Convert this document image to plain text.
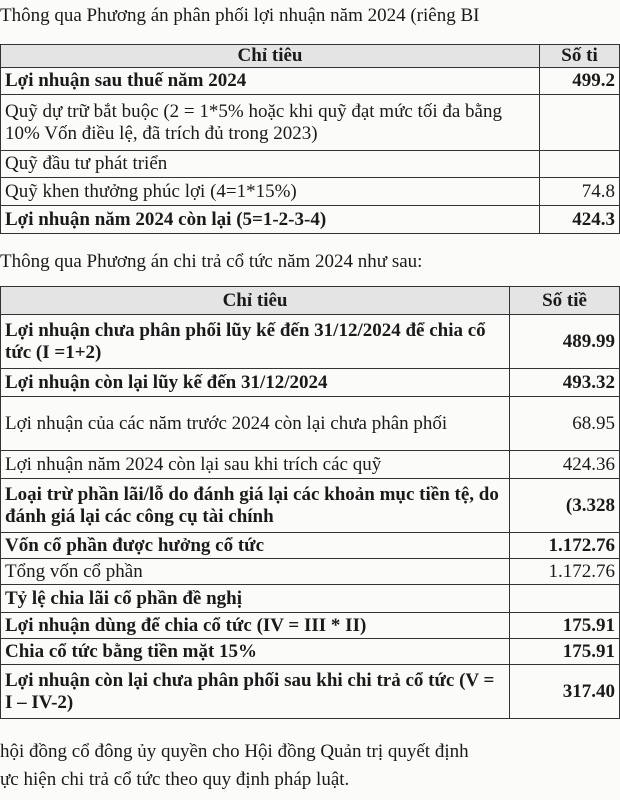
Thông qua Phương án phân phối lợi nhuận năm 2024 (riêng BI
Chỉ tiêu	Số ti
Lợi nhuận sau thuế năm 2024	499.2
Quỹ dự trữ bắt buộc (2 = 1*5% hoặc khi quỹ đạt mức tối đa bằng 10% Vốn điều lệ, đã trích đủ trong 2023)	
Quỹ đầu tư phát triển	
Quỹ khen thưởng phúc lợi (4=1*15%)	74.8
Lợi nhuận năm 2024 còn lại (5=1-2-3-4)	424.3
Thông qua Phương án chi trả cổ tức năm 2024 như sau:
Chỉ tiêu	Số tiề
Lợi nhuận chưa phân phối lũy kế đến 31/12/2024 để chia cổ tức (I =1+2)	489.99
Lợi nhuận còn lại lũy kế đến 31/12/2024	493.32
Lợi nhuận của các năm trước 2024 còn lại chưa phân phối	68.95
Lợi nhuận năm 2024 còn lại sau khi trích các quỹ	424.36
Loại trừ phần lãi/lỗ do đánh giá lại các khoản mục tiền tệ, do đánh giá lại các công cụ tài chính	(3.328
Vốn cổ phần được hưởng cổ tức	1.172.76
Tổng vốn cổ phần	1.172.76
Tỷ lệ chia lãi cổ phần đề nghị	
Lợi nhuận dùng để chia cổ tức (IV = III * II)	175.91
Chia cổ tức bằng tiền mặt 15%	175.91
Lợi nhuận còn lại chưa phân phối sau khi chi trả cổ tức (V = I – IV-2)	317.40
hội đồng cổ đông ủy quyền cho Hội đồng Quản trị quyết định
ực hiện chi trả cổ tức theo quy định pháp luật.
